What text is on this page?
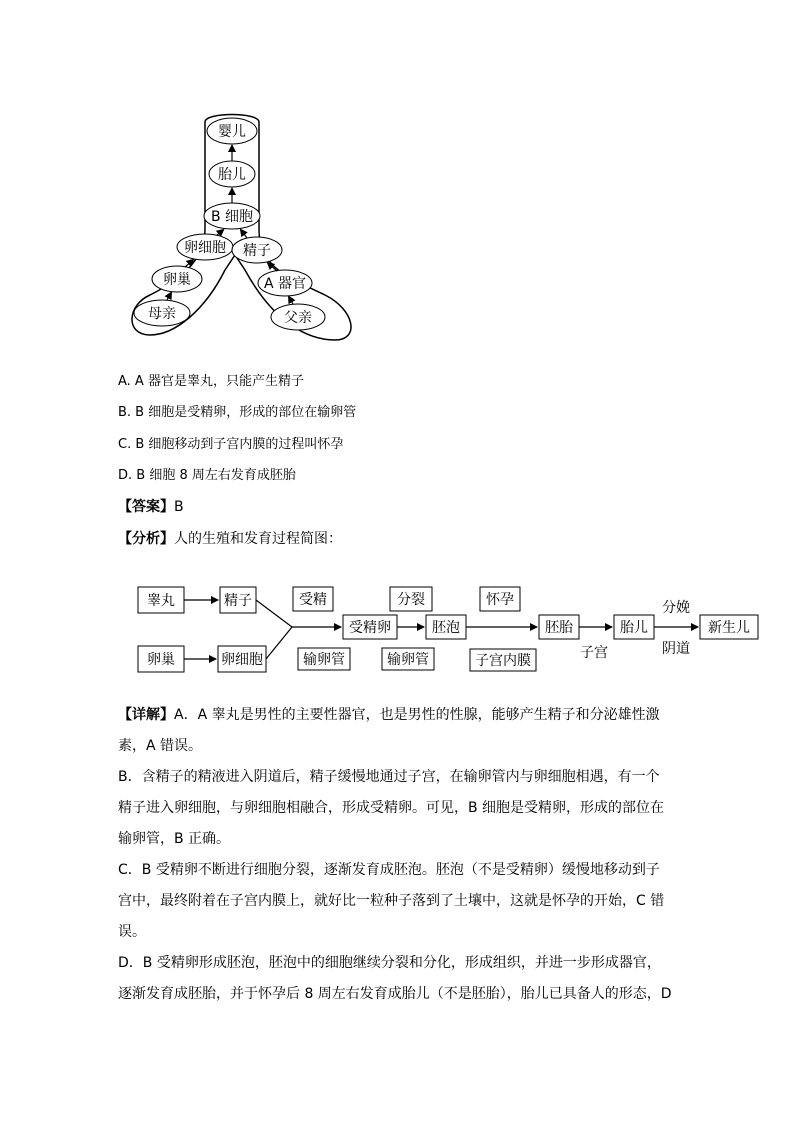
婴儿
胎儿
B 细胞
卵细胞 精子
卵巢	A 器官
母亲	父亲
A. A 器官是睾丸，只能产生精子
B. B 细胞是受精卵，形成的部位在输卵管
C. B 细胞移动到子宫内膜的过程叫怀孕
D. B 细胞 8 周左右发育成胚胎
【答案】B
【分析】人的生殖和发育过程简图：
睾丸	精子
卵巢	卵细胞
受精
输卵管
受精卵
分裂
输卵管
胚泡
怀孕
子宫内膜
胚胎
子宫
胎儿
分娩
阴道
新生儿
【详解】A．A 睾丸是男性的主要性器官，也是男性的性腺，能够产生精子和分泌雄性激
素，A 错误。
B．含精子的精液进入阴道后，精子缓慢地通过子宫，在输卵管内与卵细胞相遇，有一个
精子进入卵细胞，与卵细胞相融合，形成受精卵。可见，B 细胞是受精卵，形成的部位在
输卵管，B 正确。
C．B 受精卵不断进行细胞分裂，逐渐发育成胚泡。胚泡（不是受精卵）缓慢地移动到子
宫中，最终附着在子宫内膜上，就好比一粒种子落到了土壤中，这就是怀孕的开始，C 错
误。
D．B 受精卵形成胚泡，胚泡中的细胞继续分裂和分化，形成组织，并进一步形成器官，
逐渐发育成胚胎，并于怀孕后 8 周左右发育成胎儿（不是胚胎），胎儿已具备人的形态，D
